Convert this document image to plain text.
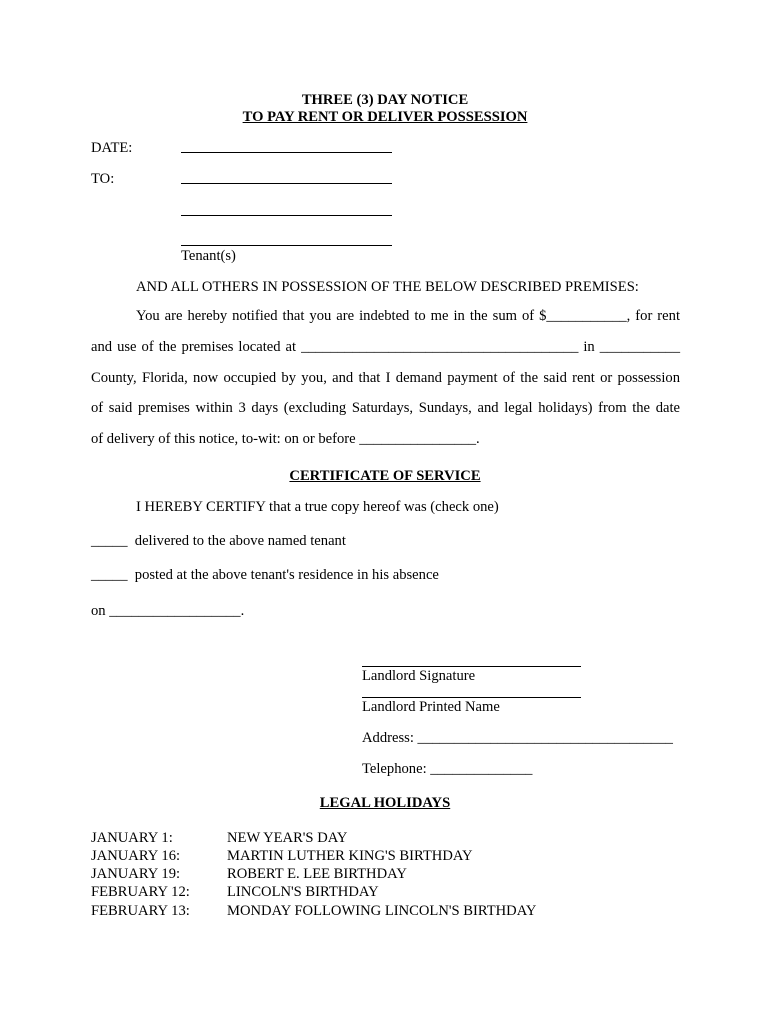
THREE (3) DAY NOTICE
TO PAY RENT OR DELIVER POSSESSION
DATE:
TO:
Tenant(s)
AND ALL OTHERS IN POSSESSION OF THE BELOW DESCRIBED PREMISES:
You are hereby notified that you are indebted to me in the sum of $___________, for rent
and use of the premises located at ______________________________________ in ___________
County, Florida, now occupied by you, and that I demand payment of the said rent or possession
of said premises within 3 days (excluding Saturdays, Sundays, and legal holidays) from the date
of delivery of this notice, to-wit: on or before ________________.
CERTIFICATE OF SERVICE
I HEREBY CERTIFY that a true copy hereof was (check one)
_____  delivered to the above named tenant
_____  posted at the above tenant's residence in his absence
on __________________.
Landlord Signature
Landlord Printed Name
Address: ___________________________________
Telephone: ______________
LEGAL HOLIDAYS
JANUARY 1:	NEW YEAR'S DAY
JANUARY 16:	MARTIN LUTHER KING'S BIRTHDAY
JANUARY 19:	ROBERT E. LEE BIRTHDAY
FEBRUARY 12:	LINCOLN'S BIRTHDAY
FEBRUARY 13:	MONDAY FOLLOWING LINCOLN'S BIRTHDAY
